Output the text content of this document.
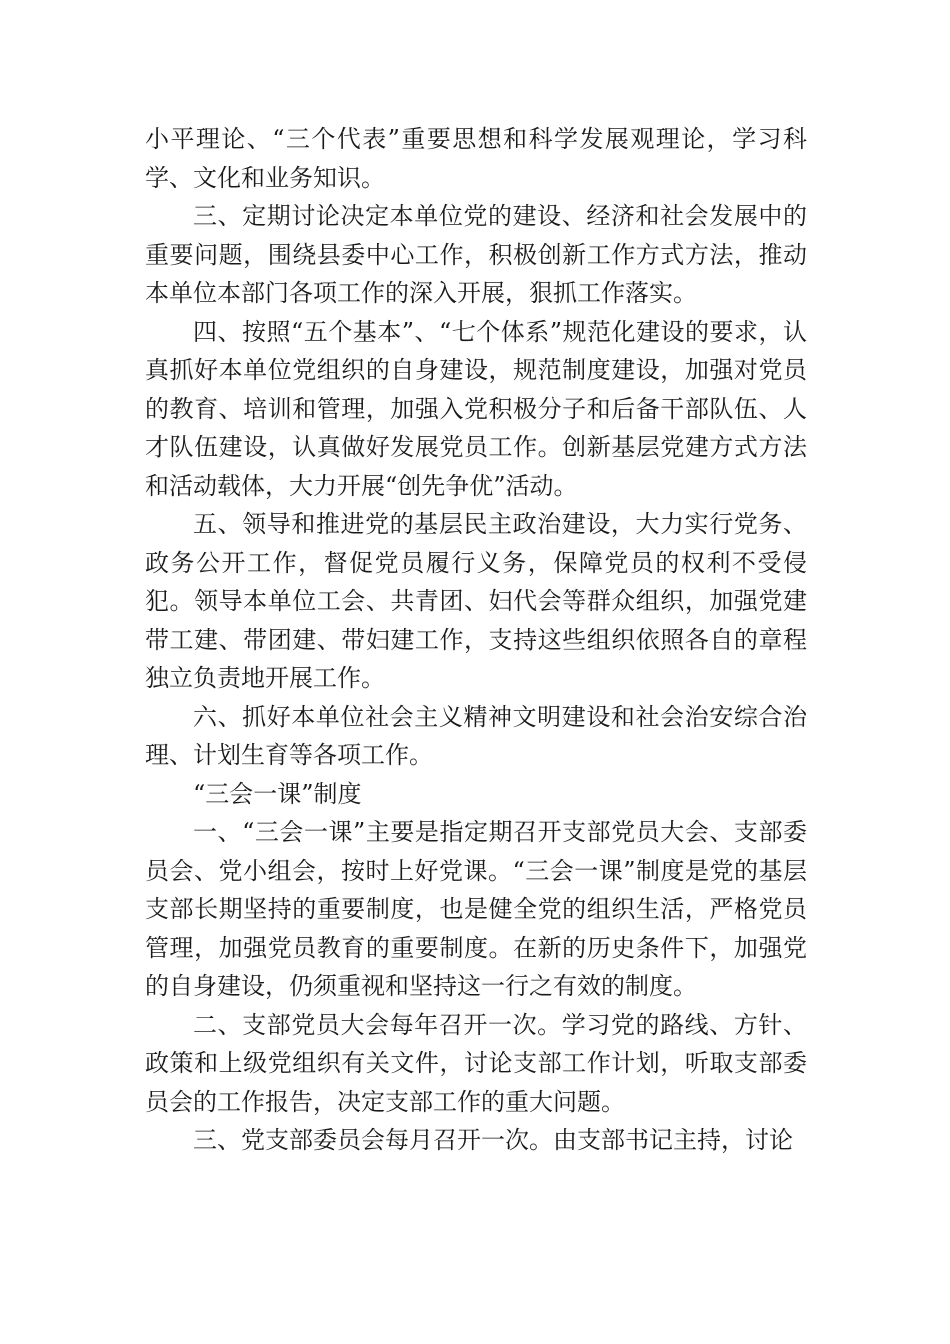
小平理论、“三个代表”重要思想和科学发展观理论，学习科学、文化和业务知识。

三、定期讨论决定本单位党的建设、经济和社会发展中的重要问题，围绕县委中心工作，积极创新工作方式方法，推动本单位本部门各项工作的深入开展，狠抓工作落实。

四、按照“五个基本”、“七个体系”规范化建设的要求，认真抓好本单位党组织的自身建设，规范制度建设，加强对党员的教育、培训和管理，加强入党积极分子和后备干部队伍、人才队伍建设，认真做好发展党员工作。创新基层党建方式方法和活动载体，大力开展“创先争优”活动。

五、领导和推进党的基层民主政治建设，大力实行党务、政务公开工作，督促党员履行义务，保障党员的权利不受侵犯。领导本单位工会、共青团、妇代会等群众组织，加强党建带工建、带团建、带妇建工作，支持这些组织依照各自的章程独立负责地开展工作。

六、抓好本单位社会主义精神文明建设和社会治安综合治理、计划生育等各项工作。

“三会一课”制度

一、“三会一课”主要是指定期召开支部党员大会、支部委员会、党小组会，按时上好党课。“三会一课”制度是党的基层支部长期坚持的重要制度，也是健全党的组织生活，严格党员管理，加强党员教育的重要制度。在新的历史条件下，加强党的自身建设，仍须重视和坚持这一行之有效的制度。

二、支部党员大会每年召开一次。学习党的路线、方针、政策和上级党组织有关文件，讨论支部工作计划，听取支部委员会的工作报告，决定支部工作的重大问题。

三、党支部委员会每月召开一次。由支部书记主持，讨论
